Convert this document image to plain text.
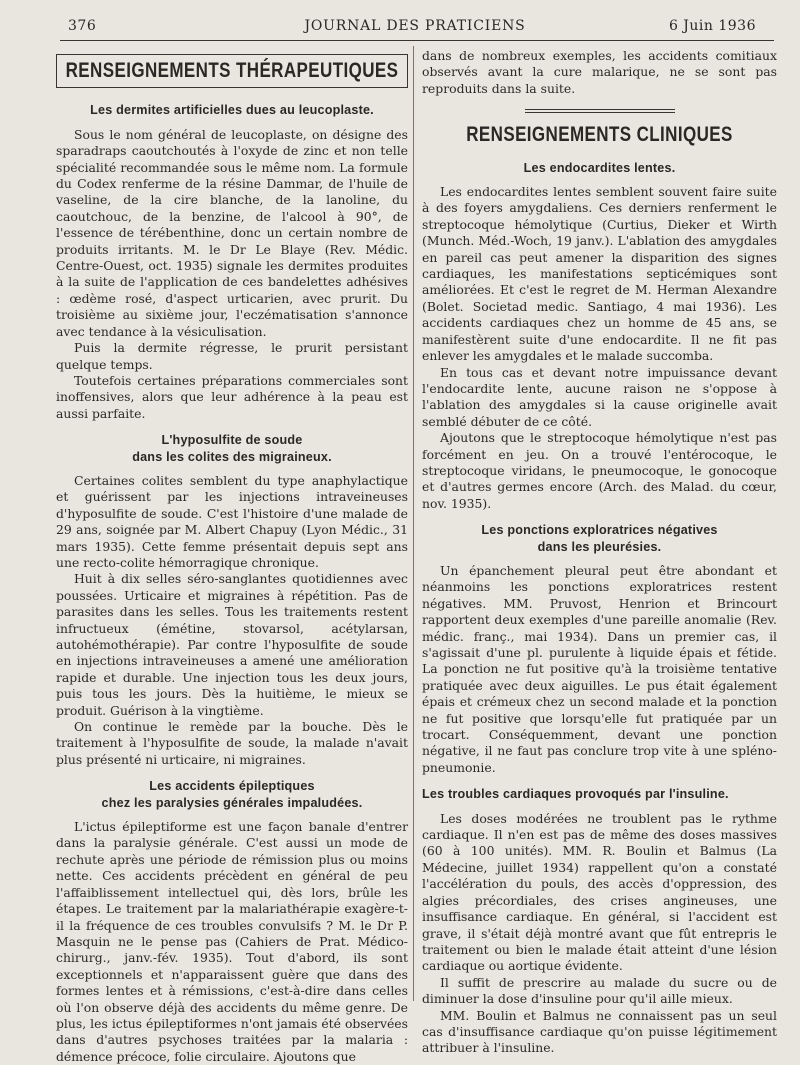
376	JOURNAL DES PRATICIENS	6 Juin 1936
RENSEIGNEMENTS THÉRAPEUTIQUES
Les dermites artificielles dues au leucoplaste.

Sous le nom général de leucoplaste, on désigne des sparadraps caoutchoutés à l'oxyde de zinc et non telle spécialité recommandée sous le même nom. La formule du Codex renferme de la résine Dammar, de l'huile de vaseline, de la cire blanche, de la lanoline, du caoutchouc, de la benzine, de l'alcool à 90°, de l'essence de térébenthine, donc un certain nombre de produits irritants. M. le Dr Le Blaye (Rev. Médic. Centre-Ouest, oct. 1935) signale les dermites produites à la suite de l'application de ces bandelettes adhésives : œdème rosé, d'aspect urticarien, avec prurit. Du troisième au sixième jour, l'eczématisation s'annonce avec tendance à la vésiculisation.

Puis la dermite régresse, le prurit persistant quelque temps.

Toutefois certaines préparations commerciales sont inoffensives, alors que leur adhérence à la peau est aussi parfaite.

L'hyposulfite de soude
dans les colites des migraineux.

Certaines colites semblent du type anaphylactique et guérissent par les injections intraveineuses d'hyposulfite de soude. C'est l'histoire d'une malade de 29 ans, soignée par M. Albert Chapuy (Lyon Médic., 31 mars 1935). Cette femme présentait depuis sept ans une recto-colite hémorragique chronique.

Huit à dix selles séro-sanglantes quotidiennes avec poussées. Urticaire et migraines à répétition. Pas de parasites dans les selles. Tous les traitements restent infructueux (émétine, stovarsol, acétylarsan, autohémothérapie). Par contre l'hyposulfite de soude en injections intraveineuses a amené une amélioration rapide et durable. Une injection tous les deux jours, puis tous les jours. Dès la huitième, le mieux se produit. Guérison à la vingtième.

On continue le remède par la bouche. Dès le traitement à l'hyposulfite de soude, la malade n'avait plus présenté ni urticaire, ni migraines.

Les accidents épileptiques
chez les paralysies générales impaludées.

L'ictus épileptiforme est une façon banale d'entrer dans la paralysie générale. C'est aussi un mode de rechute après une période de rémission plus ou moins nette. Ces accidents précèdent en général de peu l'affaiblissement intellectuel qui, dès lors, brûle les étapes. Le traitement par la malariathérapie exagère-t-il la fréquence de ces troubles convulsifs ? M. le Dr P. Masquin ne le pense pas (Cahiers de Prat. Médico-chirurg., janv.-fév. 1935). Tout d'abord, ils sont exceptionnels et n'apparaissent guère que dans des formes lentes et à rémissions, c'est-à-dire dans celles où l'on observe déjà des accidents du même genre. De plus, les ictus épileptiformes n'ont jamais été observées dans d'autres psychoses traitées par la malaria : démence précoce, folie circulaire. Ajoutons que

dans de nombreux exemples, les accidents comitiaux observés avant la cure malarique, ne se sont pas reproduits dans la suite.

RENSEIGNEMENTS CLINIQUES
Les endocardites lentes.

Les endocardites lentes semblent souvent faire suite à des foyers amygdaliens. Ces derniers renferment le streptocoque hémolytique (Curtius, Dieker et Wirth (Munch. Méd.-Woch, 19 janv.). L'ablation des amygdales en pareil cas peut amener la disparition des signes cardiaques, les manifestations septicémiques sont améliorées. Et c'est le regret de M. Herman Alexandre (Bolet. Societad medic. Santiago, 4 mai 1936). Les accidents cardiaques chez un homme de 45 ans, se manifestèrent suite d'une endocardite. Il ne fit pas enlever les amygdales et le malade succomba.

En tous cas et devant notre impuissance devant l'endocardite lente, aucune raison ne s'oppose à l'ablation des amygdales si la cause originelle avait semblé débuter de ce côté.

Ajoutons que le streptocoque hémolytique n'est pas forcément en jeu. On a trouvé l'entérocoque, le streptocoque viridans, le pneumocoque, le gonocoque et d'autres germes encore (Arch. des Malad. du cœur, nov. 1935).

Les ponctions exploratrices négatives
dans les pleurésies.

Un épanchement pleural peut être abondant et néanmoins les ponctions exploratrices restent négatives. MM. Pruvost, Henrion et Brincourt rapportent deux exemples d'une pareille anomalie (Rev. médic. franç., mai 1934). Dans un premier cas, il s'agissait d'une pl. purulente à liquide épais et fétide. La ponction ne fut positive qu'à la troisième tentative pratiquée avec deux aiguilles. Le pus était également épais et crémeux chez un second malade et la ponction ne fut positive que lorsqu'elle fut pratiquée par un trocart. Conséquemment, devant une ponction négative, il ne faut pas conclure trop vite à une spléno-pneumonie.

Les troubles cardiaques provoqués par l'insuline.

Les doses modérées ne troublent pas le rythme cardiaque. Il n'en est pas de même des doses massives (60 à 100 unités). MM. R. Boulin et Balmus (La Médecine, juillet 1934) rappellent qu'on a constaté l'accélération du pouls, des accès d'oppression, des algies précordiales, des crises angineuses, une insuffisance cardiaque. En général, si l'accident est grave, il s'était déjà montré avant que fût entrepris le traitement ou bien le malade était atteint d'une lésion cardiaque ou aortique évidente.

Il suffit de prescrire au malade du sucre ou de diminuer la dose d'insuline pour qu'il aille mieux.

MM. Boulin et Balmus ne connaissent pas un seul cas d'insuffisance cardiaque qu'on puisse légitimement attribuer à l'insuline.
